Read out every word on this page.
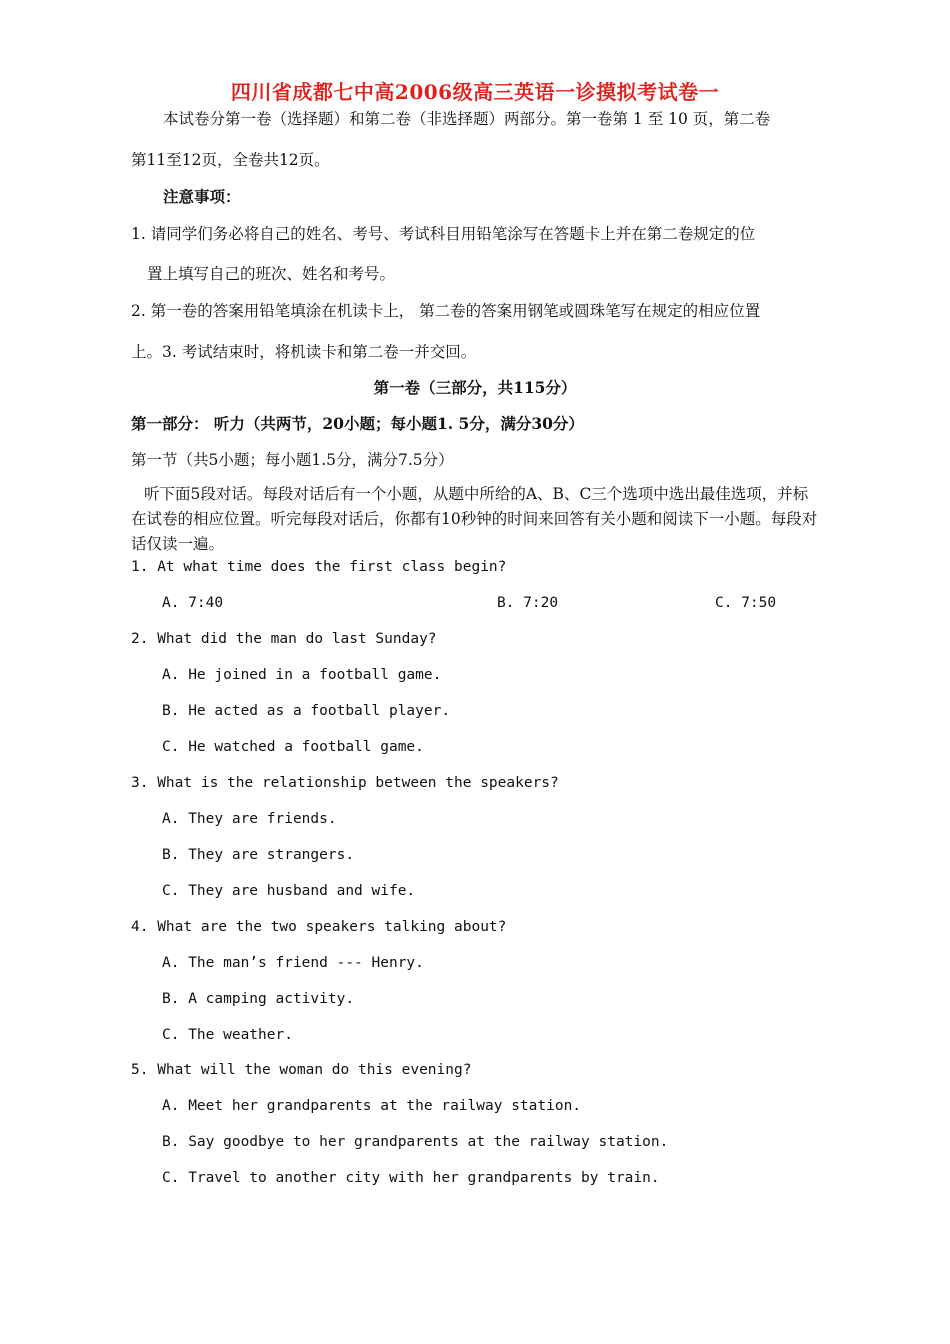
四川省成都七中高2006级高三英语一诊摸拟考试卷一
本试卷分第一卷（选择题）和第二卷（非选择题）两部分。第一卷第 1 至 10 页，第二卷
第11至12页，全卷共12页。
注意事项：
1. 请同学们务必将自己的姓名、考号、考试科目用铅笔涂写在答题卡上并在第二卷规定的位
置上填写自己的班次、姓名和考号。
2. 第一卷的答案用铅笔填涂在机读卡上， 第二卷的答案用钢笔或圆珠笔写在规定的相应位置
上。3. 考试结束时，将机读卡和第二卷一并交回。
第一卷（三部分，共115分）
第一部分： 听力（共两节，20小题；每小题1. 5分，满分30分）
第一节（共5小题；每小题1.5分，满分7.5分）
听下面5段对话。每段对话后有一个小题，从题中所给的A、B、C三个选项中选出最佳选项，并标在试卷的相应位置。听完每段对话后，你都有10秒钟的时间来回答有关小题和阅读下一小题。每段对话仅读一遍。
1. At what time does the first class begin?
A. 7:40	B. 7:20	C. 7:50
2. What did the man do last Sunday?
A. He joined in a football game.
B. He acted as a football player.
C. He watched a football game.
3. What is the relationship between the speakers?
A. They are friends.
B. They are strangers.
C. They are husband and wife.
4. What are the two speakers talking about?
A. The man’s friend --- Henry.
B. A camping activity.
C. The weather.
5. What will the woman do this evening?
A. Meet her grandparents at the railway station.
B. Say goodbye to her grandparents at the railway station.
C. Travel to another city with her grandparents by train.
